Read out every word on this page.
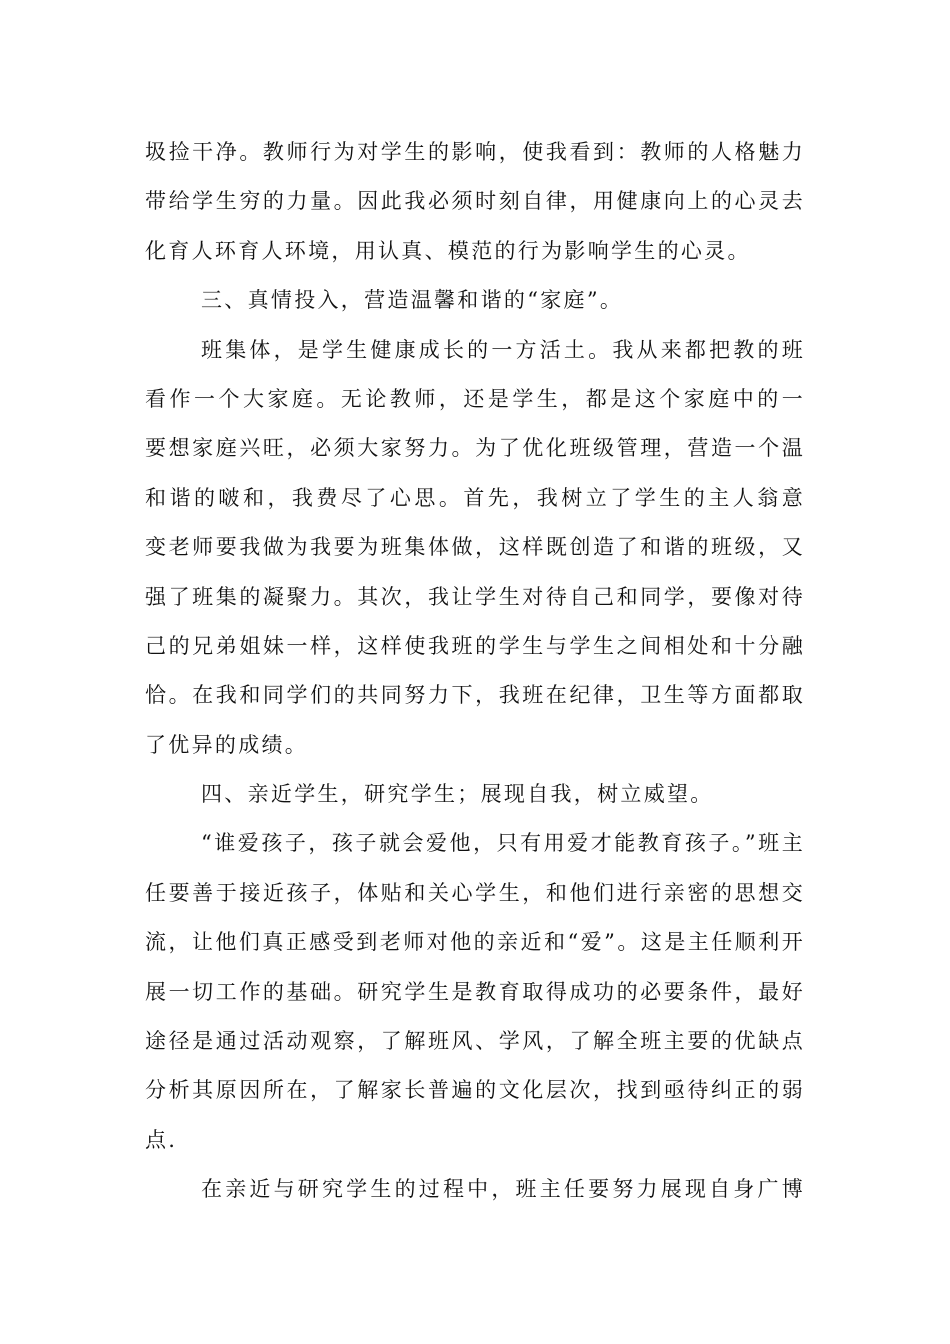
圾捡干净。教师行为对学生的影响，使我看到：教师的人格魅力
带给学生穷的力量。因此我必须时刻自律，用健康向上的心灵去
化育人环育人环境，用认真、模范的行为影响学生的心灵。
三、真情投入，营造温馨和谐的“家庭”。
班集体，是学生健康成长的一方活土。我从来都把教的班
看作一个大家庭。无论教师，还是学生，都是这个家庭中的一
要想家庭兴旺，必须大家努力。为了优化班级管理，营造一个温
和谐的啵和，我费尽了心思。首先，我树立了学生的主人翁意
变老师要我做为我要为班集体做，这样既创造了和谐的班级，又
强了班集的凝聚力。其次，我让学生对待自己和同学，要像对待
己的兄弟姐妹一样，这样使我班的学生与学生之间相处和十分融
恰。在我和同学们的共同努力下，我班在纪律，卫生等方面都取
了优异的成绩。
四、亲近学生，研究学生；展现自我，树立威望。
“谁爱孩子，孩子就会爱他，只有用爱才能教育孩子。”班主
任要善于接近孩子，体贴和关心学生，和他们进行亲密的思想交
流，让他们真正感受到老师对他的亲近和“爱”。这是主任顺利开
展一切工作的基础。研究学生是教育取得成功的必要条件，最好
途径是通过活动观察，了解班风、学风，了解全班主要的优缺点
分析其原因所在，了解家长普遍的文化层次，找到亟待纠正的弱
点.
在亲近与研究学生的过程中，班主任要努力展现自身广博
